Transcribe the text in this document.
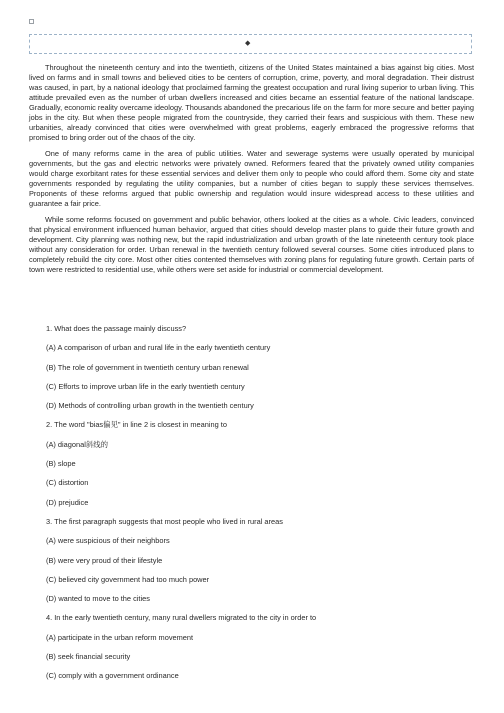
◆

Throughout the nineteenth century and into the twentieth, citizens of the United States maintained a bias against big cities. Most lived on farms and in small towns and believed cities to be centers of corruption, crime, poverty, and moral degradation. Their distrust was caused, in part, by a national ideology that proclaimed farming the greatest occupation and rural living superior to urban living. This attitude prevailed even as the number of urban dwellers increased and cities became an essential feature of the national landscape. Gradually, economic reality overcame ideology. Thousands abandoned the precarious life on the farm for more secure and better paying jobs in the city. But when these people migrated from the countryside, they carried their fears and suspicious with them. These new urbanities, already convinced that cities were overwhelmed with great problems, eagerly embraced the progressive reforms that promised to bring order out of the chaos of the city.

One of many reforms came in the area of public utilities. Water and sewerage systems were usually operated by municipal governments, but the gas and electric networks were privately owned. Reformers feared that the privately owned utility companies would charge exorbitant rates for these essential services and deliver them only to people who could afford them. Some city and state governments responded by regulating the utility companies, but a number of cities began to supply these services themselves. Proponents of these reforms argued that public ownership and regulation would insure widespread access to these utilities and guarantee a fair price.

While some reforms focused on government and public behavior, others looked at the cities as a whole. Civic leaders, convinced that physical environment influenced human behavior, argued that cities should develop master plans to guide their future growth and development. City planning was nothing new, but the rapid industrialization and urban growth of the late nineteenth century took place without any consideration for order. Urban renewal in the twentieth century followed several courses. Some cities introduced plans to completely rebuild the city core. Most other cities contented themselves with zoning plans for regulating future growth. Certain parts of town were restricted to residential use, while others were set aside for industrial or commercial development.

1. What does the passage mainly discuss?
(A) A comparison of urban and rural life in the early twentieth century
(B) The role of government in twentieth century urban renewal
(C) Efforts to improve urban life in the early twentieth century
(D) Methods of controlling urban growth in the twentieth century
2. The word "bias偏见" in line 2 is closest in meaning to
(A) diagonal斜线的
(B) slope
(C) distortion
(D) prejudice
3. The first paragraph suggests that most people who lived in rural areas
(A) were suspicious of their neighbors
(B) were very proud of their lifestyle
(C) believed city government had too much power
(D) wanted to move to the cities
4. In the early twentieth century, many rural dwellers migrated to the city in order to
(A) participate in the urban reform movement
(B) seek financial security
(C) comply with a government ordinance
